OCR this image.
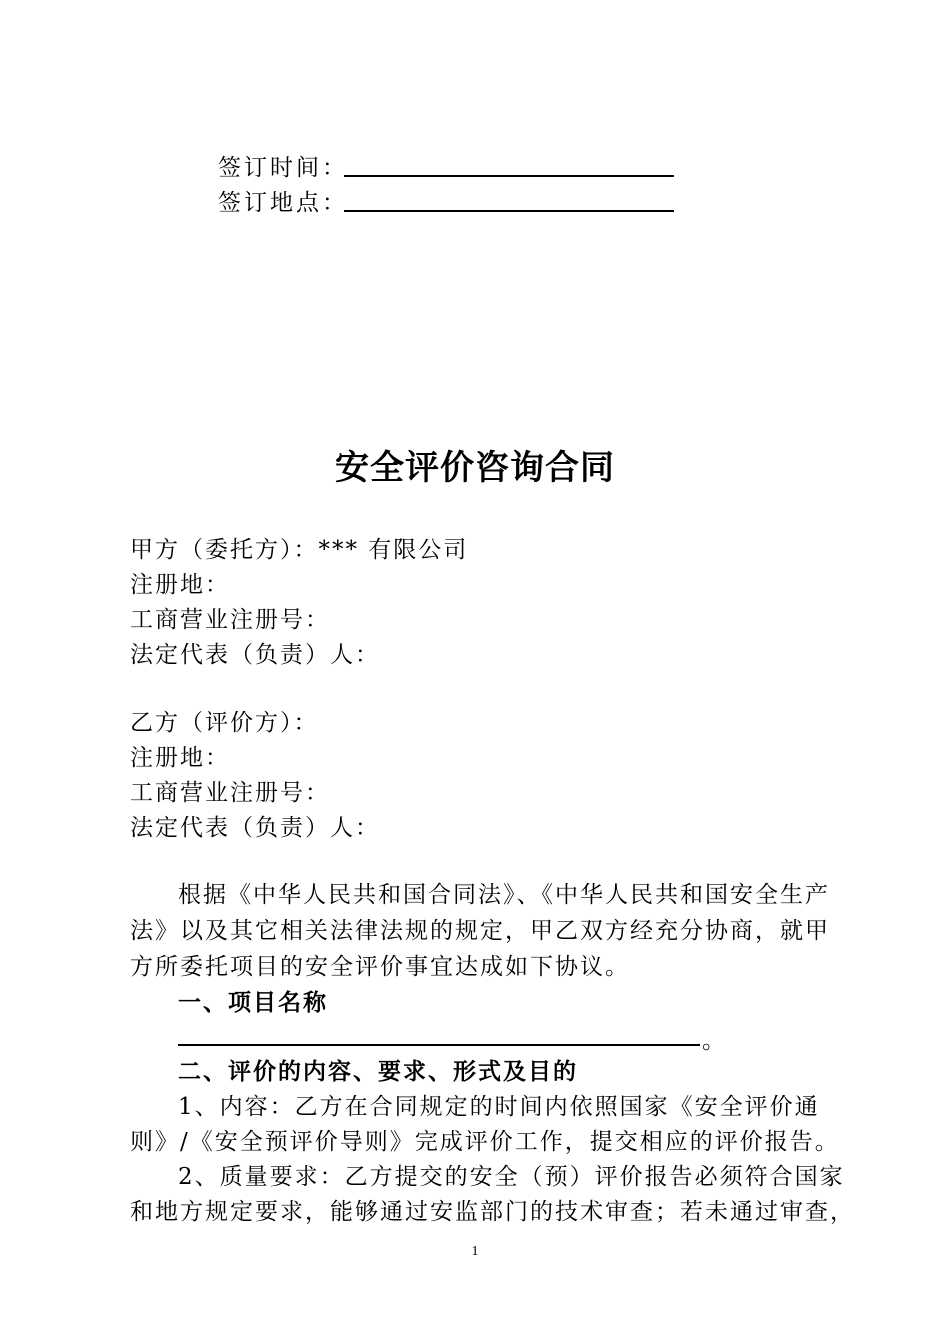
签订时间：
签订地点：
安全评价咨询合同
甲方（委托方）：*** 有限公司
注册地：
工商营业注册号：
法定代表（负责）人：
乙方（评价方）：
注册地：
工商营业注册号：
法定代表（负责）人：
根据《中华人民共和国合同法》、《中华人民共和国安全生产
法》以及其它相关法律法规的规定，甲乙双方经充分协商，就甲
方所委托项目的安全评价事宜达成如下协议。
一、项目名称
。
二、评价的内容、要求、形式及目的
1、内容：乙方在合同规定的时间内依照国家《安全评价通
则》/《安全预评价导则》完成评价工作，提交相应的评价报告。
2、质量要求：乙方提交的安全（预）评价报告必须符合国家
和地方规定要求，能够通过安监部门的技术审查；若未通过审查，
1
